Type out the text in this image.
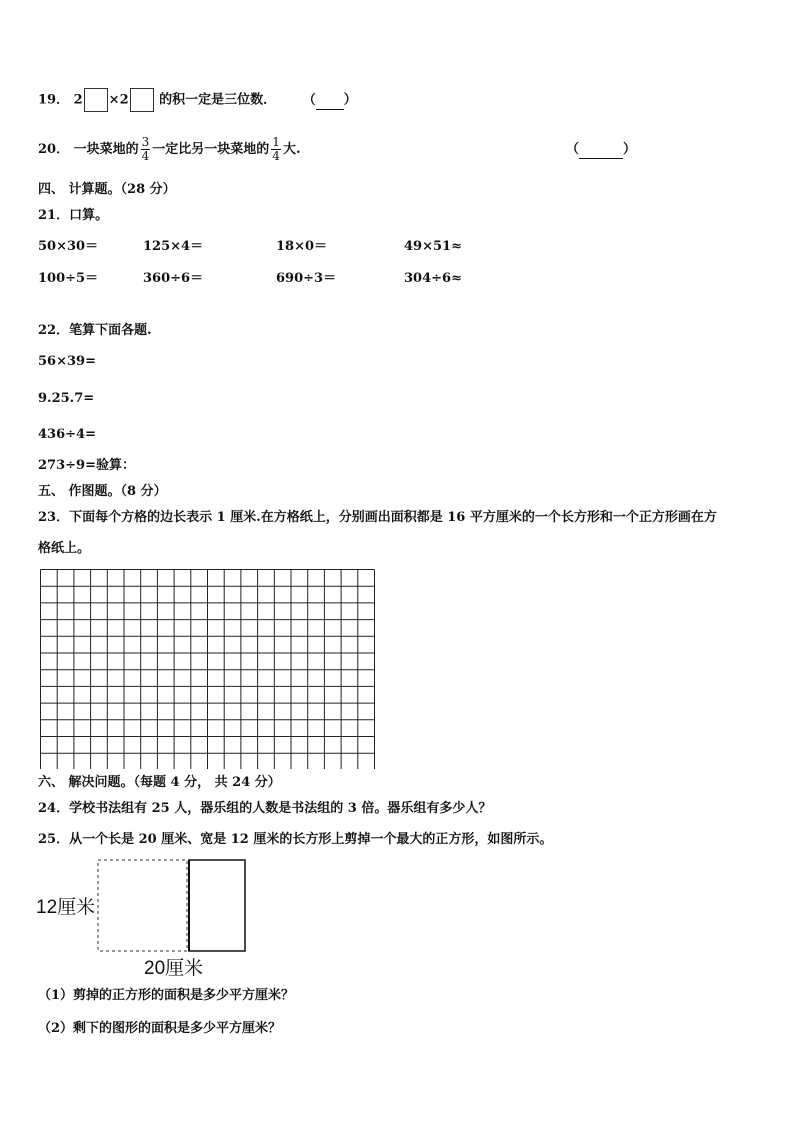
19． 2 ×2 的积一定是三位数． （ ）
20． 一块菜地的 $\frac{3}{4}$ 一定比另一块菜地的 $\frac{1}{4}$ 大.	（	）
四、 计算题。（28 分）
21．口算。
50×30＝	125×4＝	18×0＝	49×51≈
100÷5＝	360÷6＝	690÷3＝	304÷6≈
22．笔算下面各题.
56×39=
9.25.7=
436÷4=
273÷9=验算：
五、 作图题。（8 分）
23．下面每个方格的边长表示 1 厘米.在方格纸上，分别画出面积都是 16 平方厘米的一个长方形和一个正方形画在方
格纸上。
六、 解决问题。（每题 4 分， 共 24 分）
24．学校书法组有 25 人，器乐组的人数是书法组的 3 倍。器乐组有多少人？
25．从一个长是 20 厘米、宽是 12 厘米的长方形上剪掉一个最大的正方形，如图所示。
12厘米
20厘米
（1）剪掉的正方形的面积是多少平方厘米？
（2）剩下的图形的面积是多少平方厘米？
